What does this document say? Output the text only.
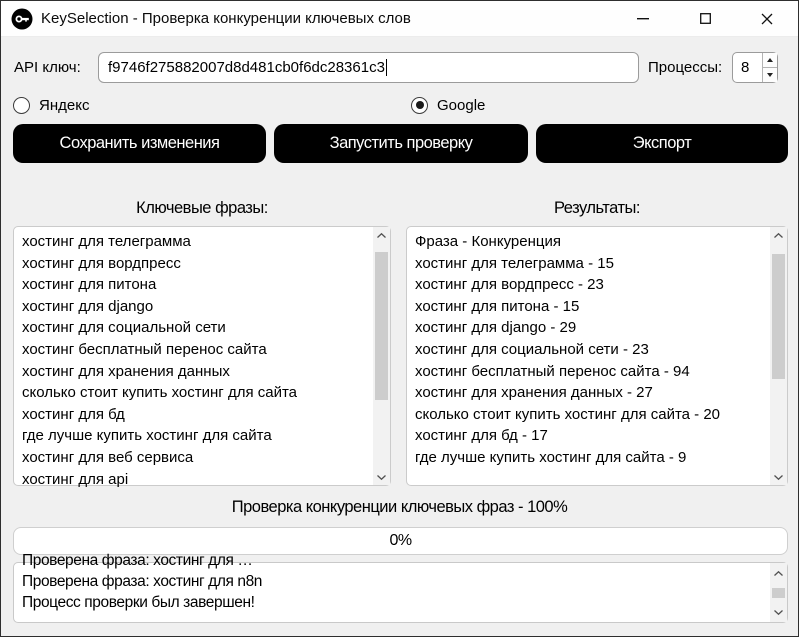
KeySelection - Проверка конкуренции ключевых слов
API ключ: f9746f275882007d8d481cb0f6dc28361c3	Процессы:	8
Яндекс	Google
Сохранить изменения	Запустить проверку	Экспорт
Ключевые фразы:	Результаты:
хостинг для телеграмма
хостинг для вордпресс
хостинг для питона
хостинг для django
хостинг для социальной сети
хостинг бесплатный перенос сайта
хостинг для хранения данных
сколько стоит купить хостинг для сайта
хостинг для бд
где лучше купить хостинг для сайта
хостинг для веб сервиса
хостинг для api
Фраза - Конкуренция
хостинг для телеграмма - 15
хостинг для вордпресс - 23
хостинг для питона - 15
хостинг для django - 29
хостинг для социальной сети - 23
хостинг бесплатный перенос сайта - 94
хостинг для хранения данных - 27
сколько стоит купить хостинг для сайта - 20
хостинг для бд - 17
где лучше купить хостинг для сайта - 9
Проверка конкуренции ключевых фраз - 100%
0%
Проверена фраза: хостинг для …
Проверена фраза: хостинг для n8n
Процесс проверки был завершен!
